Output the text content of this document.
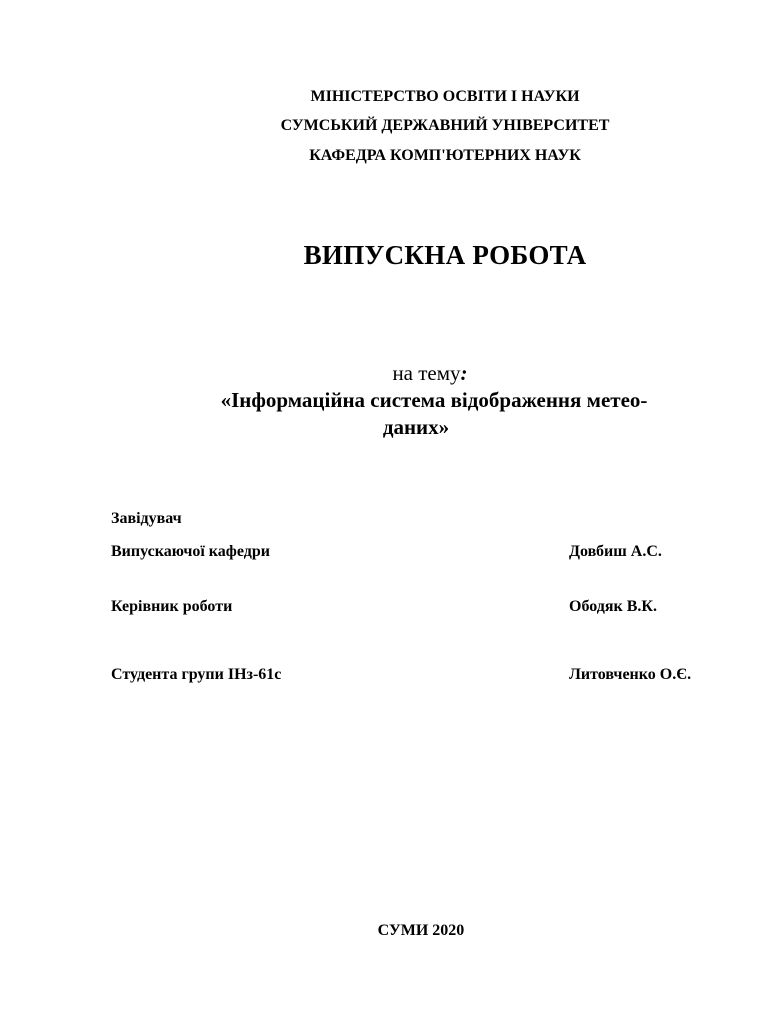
МІНІСТЕРСТВО ОСВІТИ І НАУКИ
СУМСЬКИЙ ДЕРЖАВНИЙ УНІВЕРСИТЕТ
КАФЕДРА КОМП'ЮТЕРНИХ НАУК
ВИПУСКНА РОБОТА
на тему:
«Інформаційна система відображення метео-
даних»
Завідувач
Випускаючої кафедри	Довбиш А.С.
Керівник роботи	Ободяк В.К.
Студента групи ІНз-61с	Литовченко О.Є.
СУМИ 2020
